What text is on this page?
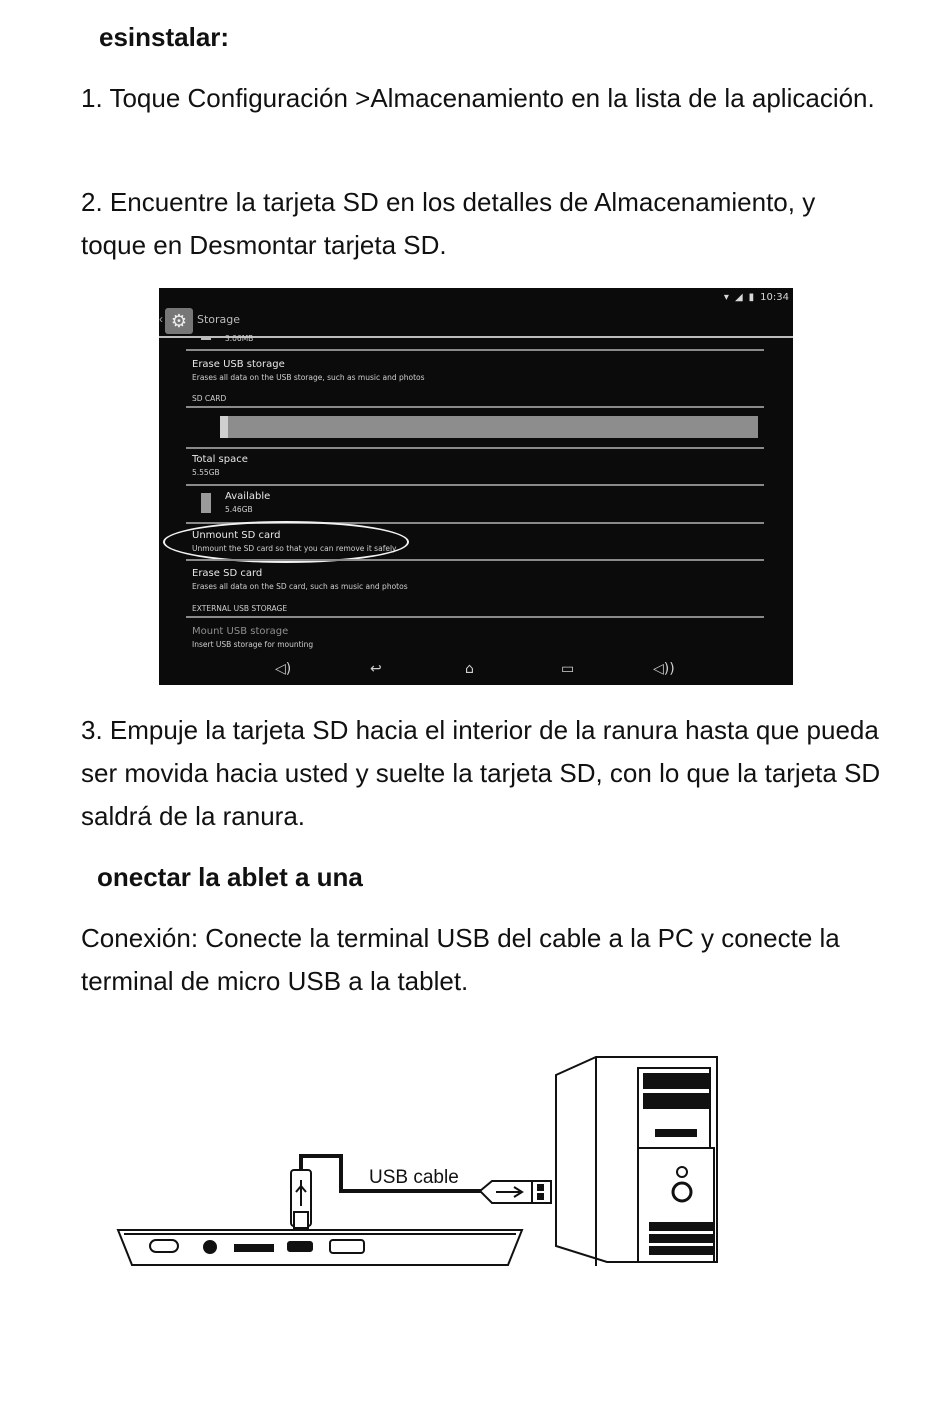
esinstalar:
1. Toque Configuración >Almacenamiento en la lista de la aplicación.
2. Encuentre la tarjeta SD en los detalles de Almacenamiento, y toque en Desmontar tarjeta SD.
▾ ◢ ▮ 10:34
‹ ⚙ Storage
3.06MB
Erase USB storage
Erases all data on the USB storage, such as music and photos
SD CARD
Total space
5.55GB
Available
5.46GB
Unmount SD card
Unmount the SD card so that you can remove it safely
Erase SD card
Erases all data on the SD card, such as music and photos
EXTERNAL USB STORAGE
Mount USB storage
Insert USB storage for mounting
◁)	↩	⌂	▭	◁))
3. Empuje la tarjeta SD hacia el interior de la ranura hasta que pueda ser movida hacia usted y suelte la tarjeta SD, con lo que la tarjeta SD saldrá de la ranura.
onectar la ablet a una
Conexión: Conecte la terminal USB del cable a la PC y conecte la terminal de micro USB a la tablet.
USB cable
